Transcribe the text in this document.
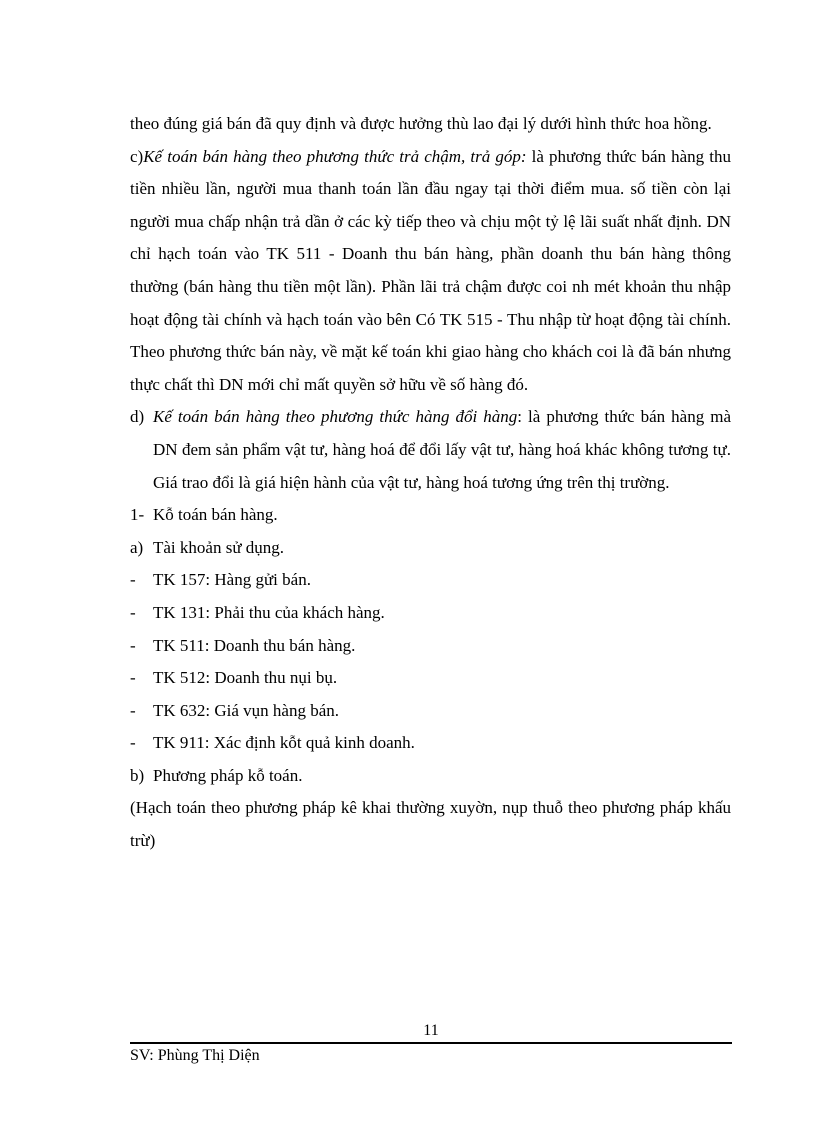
theo đúng giá bán đã quy định và được hưởng thù lao đại lý dưới hình thức hoa hồng.

c)Kế toán bán hàng theo phương thức trả chậm, trả góp: là phương thức bán hàng thu tiền nhiều lần, người mua thanh toán lần đầu ngay tại thời điểm mua. số tiền còn lại người mua chấp nhận trả dần ở các kỳ tiếp theo và chịu một tỷ lệ lãi suất nhất định. DN chỉ hạch toán vào TK 511 - Doanh thu bán hàng, phần doanh thu bán hàng thông thường (bán hàng thu tiền một lần). Phần lãi trả chậm được coi nh mét khoản thu nhập hoạt động tài chính và hạch toán vào bên Có TK 515 - Thu nhập từ hoạt động tài chính. Theo phương thức bán này, về mặt kế toán khi giao hàng cho khách coi là đã bán nhưng thực chất thì DN mới chỉ mất quyền sở hữu về số hàng đó.

d) Kế toán bán hàng theo phương thức hàng đổi hàng: là phương thức bán hàng mà DN đem sản phẩm vật tư, hàng hoá để đổi lấy vật tư, hàng hoá khác không tương tự. Giá trao đổi là giá hiện hành của vật tư, hàng hoá tương ứng trên thị trường.
1- Kỗ toán bán hàng.
a) Tài khoản sử dụng.
-	TK 157: Hàng gửi bán.
-	TK 131: Phải thu của khách hàng.
-	TK 511: Doanh thu bán hàng.
-	TK 512: Doanh thu nụi bụ.
-	TK 632: Giá vụn hàng bán.
-	TK 911: Xác định kỗt quả kinh doanh.
b) Phương pháp kỗ toán.

(Hạch toán theo phương pháp kê khai thường xuyờn, nụp thuỗ theo phương pháp khấu trừ)

11
SV: Phùng Thị Diện
